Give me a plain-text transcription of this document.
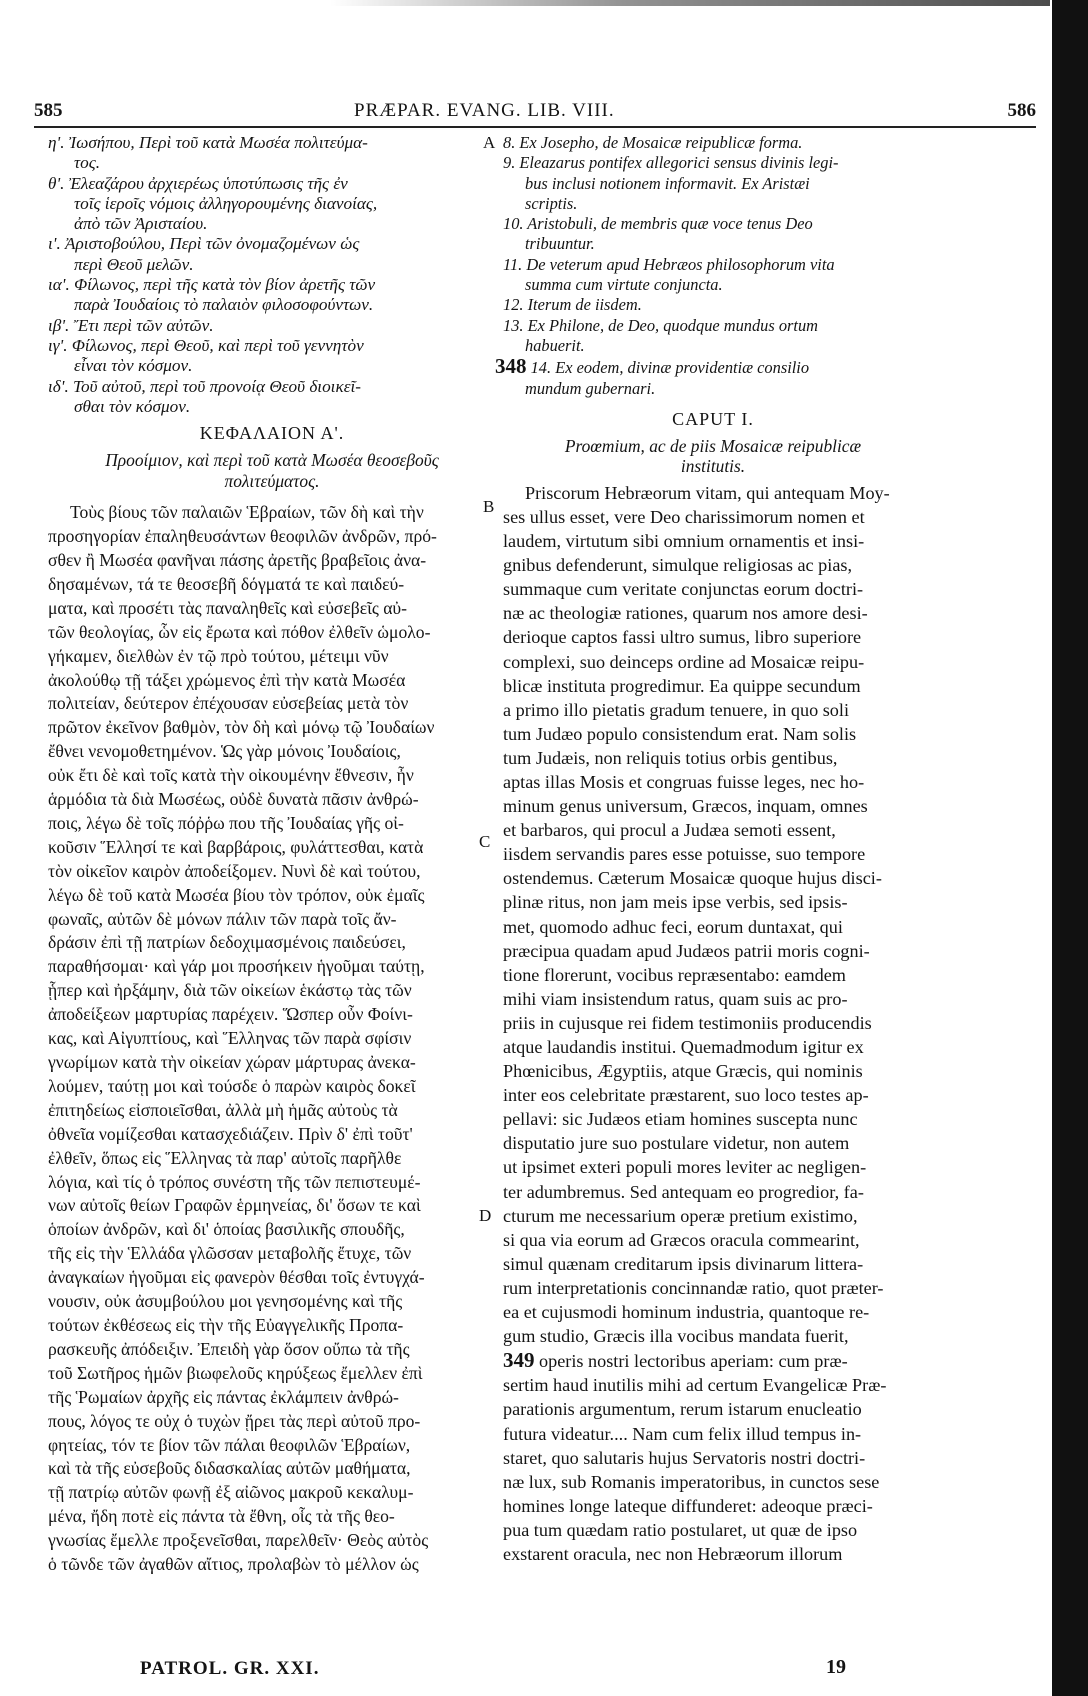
585	PRÆPAR. EVANG. LIB. VIII.	586
η'. Ἰωσήπου, Περὶ τοῦ κατὰ Μωσέα πολιτεύμα-
τος.
θ'. Ἐλεαζάρου ἀρχιερέως ὑποτύπωσις τῆς ἐν
τοῖς ἱεροῖς νόμοις ἀλληγορουμένης διανοίας,
ἀπὸ τῶν Ἀρισταίου.
ι'. Ἀριστοβούλου, Περὶ τῶν ὀνομαζομένων ὡς
περὶ Θεοῦ μελῶν.
ια'. Φίλωνος, περὶ τῆς κατὰ τὸν βίον ἀρετῆς τῶν
παρὰ Ἰουδαίοις τὸ παλαιὸν φιλοσοφούντων.
ιβ'. Ἔτι περὶ τῶν αὐτῶν.
ιγ'. Φίλωνος, περὶ Θεοῦ, καὶ περὶ τοῦ γεννητὸν
εἶναι τὸν κόσμον.
ιδ'. Τοῦ αὐτοῦ, περὶ τοῦ προνοίᾳ Θεοῦ διοικεῖ-
σθαι τὸν κόσμον.
ΚΕΦΑΛΑΙΟΝ Α'.
Προοίμιον, καὶ περὶ τοῦ κατὰ Μωσέα θεοσεβοῦς
πολιτεύματος.
Τοὺς βίους τῶν παλαιῶν Ἑβραίων, τῶν δὴ καὶ τὴν
προσηγορίαν ἐπαληθευσάντων θεοφιλῶν ἀνδρῶν, πρό-
σθεν ἢ Μωσέα φανῆναι πάσης ἀρετῆς βραβεῖοις ἀνα-
δησαμένων, τά τε θεοσεβῆ δόγματά τε καὶ παιδεύ-
ματα, καὶ προσέτι τὰς παναληθεῖς καὶ εὐσεβεῖς αὐ-
τῶν θεολογίας, ὧν εἰς ἔρωτα καὶ πόθον ἐλθεῖν ὡμολο-
γήκαμεν, διελθὼν ἐν τῷ πρὸ τούτου, μέτειμι νῦν
ἀκολούθῳ τῇ τάξει χρώμενος ἐπὶ τὴν κατὰ Μωσέα
πολιτείαν, δεύτερον ἐπέχουσαν εὐσεβείας μετὰ τὸν
πρῶτον ἐκεῖνον βαθμὸν, τὸν δὴ καὶ μόνῳ τῷ Ἰουδαίων
ἔθνει νενομοθετημένον. Ὡς γὰρ μόνοις Ἰουδαίοις,
οὐκ ἔτι δὲ καὶ τοῖς κατὰ τὴν οἰκουμένην ἔθνεσιν, ἦν
ἁρμόδια τὰ διὰ Μωσέως, οὐδὲ δυνατὰ πᾶσιν ἀνθρώ-
ποις, λέγω δὲ τοῖς πόῤῥω που τῆς Ἰουδαίας γῆς οἰ-
κοῦσιν Ἕλλησί τε καὶ βαρβάροις, φυλάττεσθαι, κατὰ
τὸν οἰκεῖον καιρὸν ἀποδείξομεν. Νυνὶ δὲ καὶ τούτου,
λέγω δὲ τοῦ κατὰ Μωσέα βίου τὸν τρόπον, οὐκ ἐμαῖς
φωναῖς, αὐτῶν δὲ μόνων πάλιν τῶν παρὰ τοῖς ἄν-
δράσιν ἐπὶ τῇ πατρίων δεδοχιμασμένοις παιδεύσει,
παραθήσομαι· καὶ γάρ μοι προσήκειν ἡγοῦμαι ταύτῃ,
ᾗπερ καὶ ἠρξάμην, διὰ τῶν οἰκείων ἑκάστῳ τὰς τῶν
ἀποδείξεων μαρτυρίας παρέχειν. Ὥσπερ οὖν Φοίνι-
κας, καὶ Αἰγυπτίους, καὶ Ἕλληνας τῶν παρὰ σφίσιν
γνωρίμων κατὰ τὴν οἰκείαν χώραν μάρτυρας ἀνεκα-
λούμεν, ταύτῃ μοι καὶ τούσδε ὁ παρὼν καιρὸς δοκεῖ
ἐπιτηδείως εἰσποιεῖσθαι, ἀλλὰ μὴ ἡμᾶς αὐτοὺς τὰ
ὀθνεῖα νομίζεσθαι κατασχεδιάζειν. Πρὶν δ' ἐπὶ τοῦτ'
ἐλθεῖν, ὅπως εἰς Ἕλληνας τὰ παρ' αὐτοῖς παρῆλθε
λόγια, καὶ τίς ὁ τρόπος συνέστη τῆς τῶν πεπιστευμέ-
νων αὐτοῖς θείων Γραφῶν ἑρμηνείας, δι' ὅσων τε καὶ
ὁποίων ἀνδρῶν, καὶ δι' ὁποίας βασιλικῆς σπουδῆς,
τῆς εἰς τὴν Ἑλλάδα γλῶσσαν μεταβολῆς ἔτυχε, τῶν
ἀναγκαίων ἡγοῦμαι εἰς φανερὸν θέσθαι τοῖς ἐντυγχά-
νουσιν, οὐκ ἀσυμβούλου μοι γενησομένης καὶ τῆς
τούτων ἐκθέσεως εἰς τὴν τῆς Εὐαγγελικῆς Προπα-
ρασκευῆς ἀπόδειξιν. Ἐπειδὴ γὰρ ὅσον οὔπω τὰ τῆς
τοῦ Σωτῆρος ἡμῶν βιωφελοῦς κηρύξεως ἔμελλεν ἐπὶ
τῆς Ῥωμαίων ἀρχῆς εἰς πάντας ἐκλάμπειν ἀνθρώ-
πους, λόγος τε οὐχ ὁ τυχὼν ᾔρει τὰς περὶ αὐτοῦ προ-
φητείας, τόν τε βίον τῶν πάλαι θεοφιλῶν Ἑβραίων,
καὶ τὰ τῆς εὐσεβοῦς διδασκαλίας αὐτῶν μαθήματα,
τῇ πατρίῳ αὐτῶν φωνῇ ἐξ αἰῶνος μακροῦ κεκαλυμ-
μένα, ἤδη ποτὲ εἰς πάντα τὰ ἔθνη, οἷς τὰ τῆς θεο-
γνωσίας ἔμελλε προξενεῖσθαι, παρελθεῖν· Θεὸς αὐτὸς
ὁ τῶνδε τῶν ἀγαθῶν αἴτιος, προλαβὼν τὸ μέλλον ὡς
A
B
C
D
8. Ex Josepho, de Mosaicæ reipublicæ forma.
9. Eleazarus pontifex allegorici sensus divinis legi-
bus inclusi notionem informavit. Ex Aristæi
scriptis.
10. Aristobuli, de membris quæ voce tenus Deo
tribuuntur.
11. De veterum apud Hebræos philosophorum vita
summa cum virtute conjuncta.
12. Iterum de iisdem.
13. Ex Philone, de Deo, quodque mundus ortum
habuerit.
348 14. Ex eodem, divinæ providentiæ consilio
mundum gubernari.
CAPUT I.
Proœmium, ac de piis Mosaicæ reipublicæ
institutis.
Priscorum Hebræorum vitam, qui antequam Moy-
ses ullus esset, vere Deo charissimorum nomen et
laudem, virtutum sibi omnium ornamentis et insi-
gnibus defenderunt, simulque religiosas ac pias,
summaque cum veritate conjunctas eorum doctri-
næ ac theologiæ rationes, quarum nos amore desi-
derioque captos fassi ultro sumus, libro superiore
complexi, suo deinceps ordine ad Mosaicæ reipu-
blicæ instituta progredimur. Ea quippe secundum
a primo illo pietatis gradum tenuere, in quo soli
tum Judæo populo consistendum erat. Nam solis
tum Judæis, non reliquis totius orbis gentibus,
aptas illas Mosis et congruas fuisse leges, nec ho-
minum genus universum, Græcos, inquam, omnes
et barbaros, qui procul a Judæa semoti essent,
iisdem servandis pares esse potuisse, suo tempore
ostendemus. Cæterum Mosaicæ quoque hujus disci-
plinæ ritus, non jam meis ipse verbis, sed ipsis-
met, quomodo adhuc feci, eorum duntaxat, qui
præcipua quadam apud Judæos patrii moris cogni-
tione florerunt, vocibus repræsentabo: eamdem
mihi viam insistendum ratus, quam suis ac pro-
priis in cujusque rei fidem testimoniis producendis
atque laudandis institui. Quemadmodum igitur ex
Phœnicibus, Ægyptiis, atque Græcis, qui nominis
inter eos celebritate præstarent, suo loco testes ap-
pellavi: sic Judæos etiam homines suscepta nunc
disputatio jure suo postulare videtur, non autem
ut ipsimet exteri populi mores leviter ac negligen-
ter adumbremus. Sed antequam eo progredior, fa-
cturum me necessarium operæ pretium existimo,
si qua via eorum ad Græcos oracula commearint,
simul quænam creditarum ipsis divinarum littera-
rum interpretationis concinnandæ ratio, quot præter-
ea et cujusmodi hominum industria, quantoque re-
gum studio, Græcis illa vocibus mandata fuerit,
349 operis nostri lectoribus aperiam: cum præ-
sertim haud inutilis mihi ad certum Evangelicæ Præ-
parationis argumentum, rerum istarum enucleatio
futura videatur.... Nam cum felix illud tempus in-
staret, quo salutaris hujus Servatoris nostri doctri-
næ lux, sub Romanis imperatoribus, in cunctos sese
homines longe lateque diffunderet: adeoque præci-
pua tum quædam ratio postularet, ut quæ de ipso
exstarent oracula, nec non Hebræorum illorum
PATROL. GR. XXI.	19
